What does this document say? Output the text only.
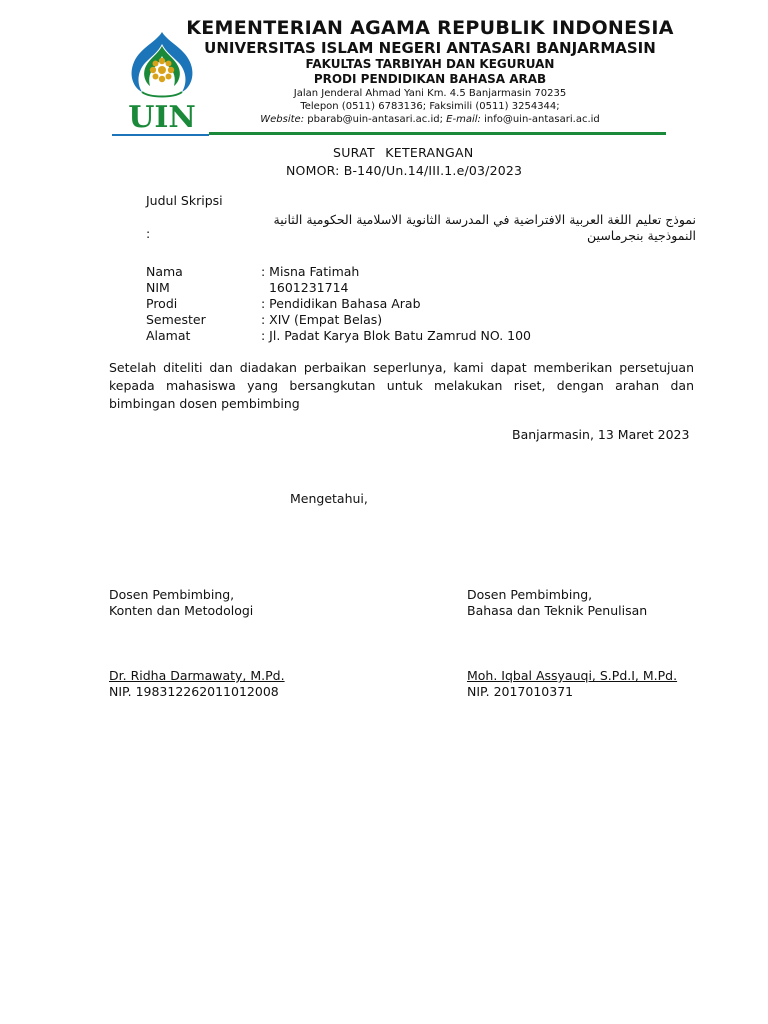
UIN
KEMENTERIAN AGAMA REPUBLIK INDONESIA
UNIVERSITAS ISLAM NEGERI ANTASARI BANJARMASIN
FAKULTAS TARBIYAH DAN KEGURUAN
PRODI PENDIDIKAN BAHASA ARAB
Jalan Jenderal Ahmad Yani Km. 4.5 Banjarmasin 70235
Telepon (0511) 6783136; Faksimili (0511) 3254344;
Website: pbarab@uin-antasari.ac.id; E-mail: info@uin-antasari.ac.id
SURAT KETERANGAN
NOMOR: B-140/Un.14/III.1.e/03/2023
Judul Skripsi
:
نموذج تعليم اللغة العربية الافتراضية في المدرسة الثانوية الاسلامية الحكومية الثانية النموذجية بنجرماسين
Nama	: Misna Fatimah
NIM	1601231714
Prodi	: Pendidikan Bahasa Arab
Semester	: XIV (Empat Belas)
Alamat	: Jl. Padat Karya Blok Batu Zamrud NO. 100
Setelah diteliti dan diadakan perbaikan seperlunya, kami dapat memberikan persetujuan kepada mahasiswa yang bersangkutan untuk melakukan riset, dengan arahan dan bimbingan dosen pembimbing
Banjarmasin, 13 Maret 2023
Mengetahui,
Dosen Pembimbing,
Konten dan Metodologi
Dr. Ridha Darmawaty, M.Pd.
NIP. 198312262011012008
Dosen Pembimbing,
Bahasa dan Teknik Penulisan
Moh. Iqbal Assyauqi, S.Pd.I, M.Pd.
NIP. 2017010371
